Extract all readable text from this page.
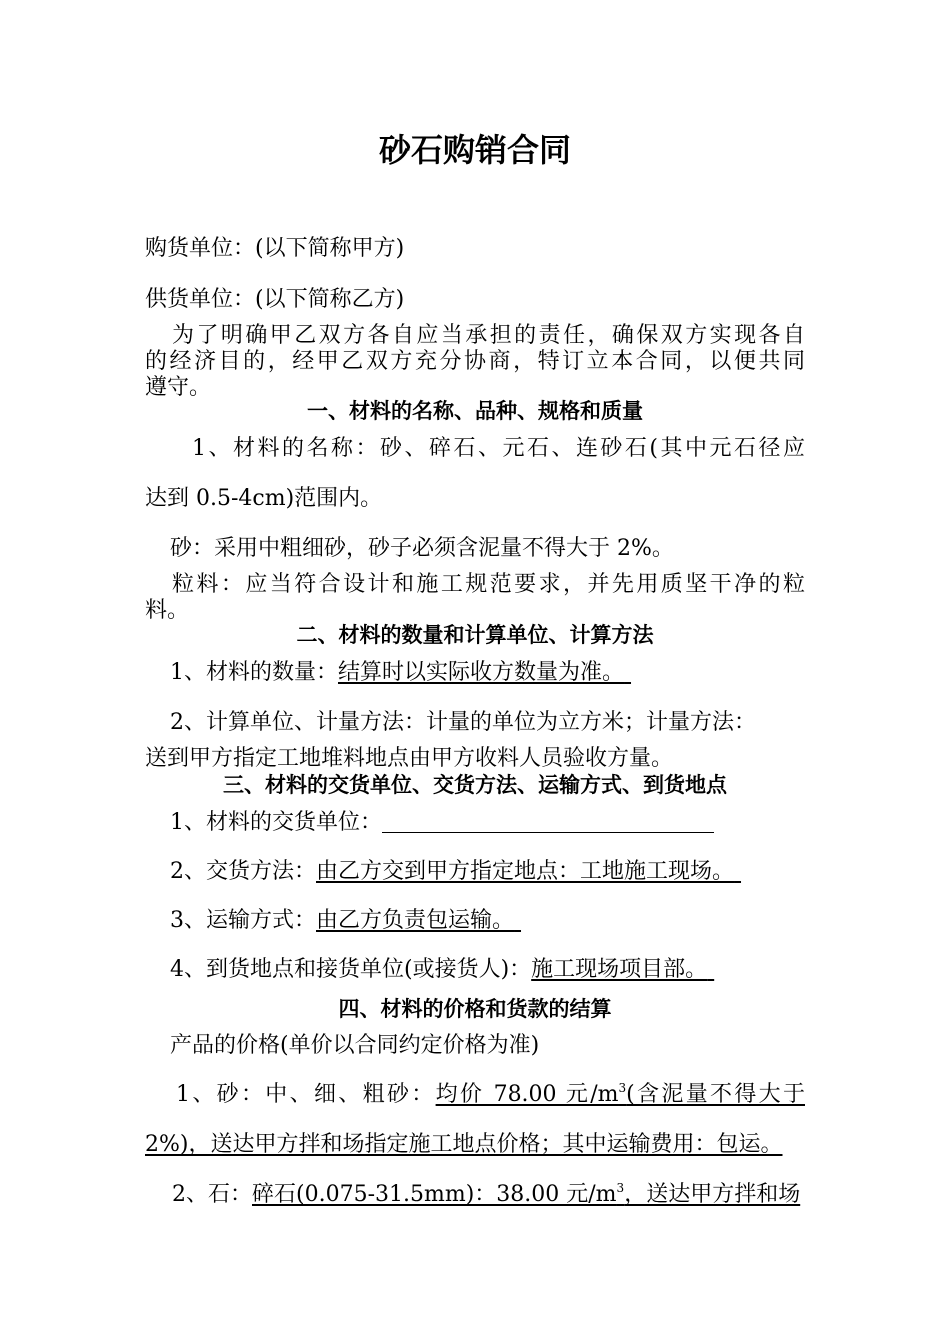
砂石购销合同

购货单位：(以下简称甲方)

供货单位：(以下简称乙方)

为了明确甲乙双方各自应当承担的责任，确保双方实现各自

的经济目的，经甲乙双方充分协商，特订立本合同，以便共同

遵守。

一、材料的名称、品种、规格和质量

1、材料的名称：砂、碎石、元石、连砂石(其中元石径应

达到 0.5-4cm)范围内。

砂：采用中粗细砂，砂子必须含泥量不得大于 2%。

粒料：应当符合设计和施工规范要求，并先用质坚干净的粒

料。

二、材料的数量和计算单位、计算方法

1、材料的数量：结算时以实际收方数量为准。

2、计算单位、计量方法：计量的单位为立方米；计量方法：

送到甲方指定工地堆料地点由甲方收料人员验收方量。

三、材料的交货单位、交货方法、运输方式、到货地点

1、材料的交货单位：

2、交货方法：由乙方交到甲方指定地点：工地施工现场。

3、运输方式：由乙方负责包运输。

4、到货地点和接货单位(或接货人)：施工现场项目部。

四、材料的价格和货款的结算

产品的价格(单价以合同约定价格为准)

1、砂：中、细、粗砂：均价 78.00 元$/m^3$(含泥量不得大于

2%)，送达甲方拌和场指定施工地点价格；其中运输费用：包运。

2、石：碎石(0.075-31.5mm)：38.00 元$/m^3$，送达甲方拌和场
